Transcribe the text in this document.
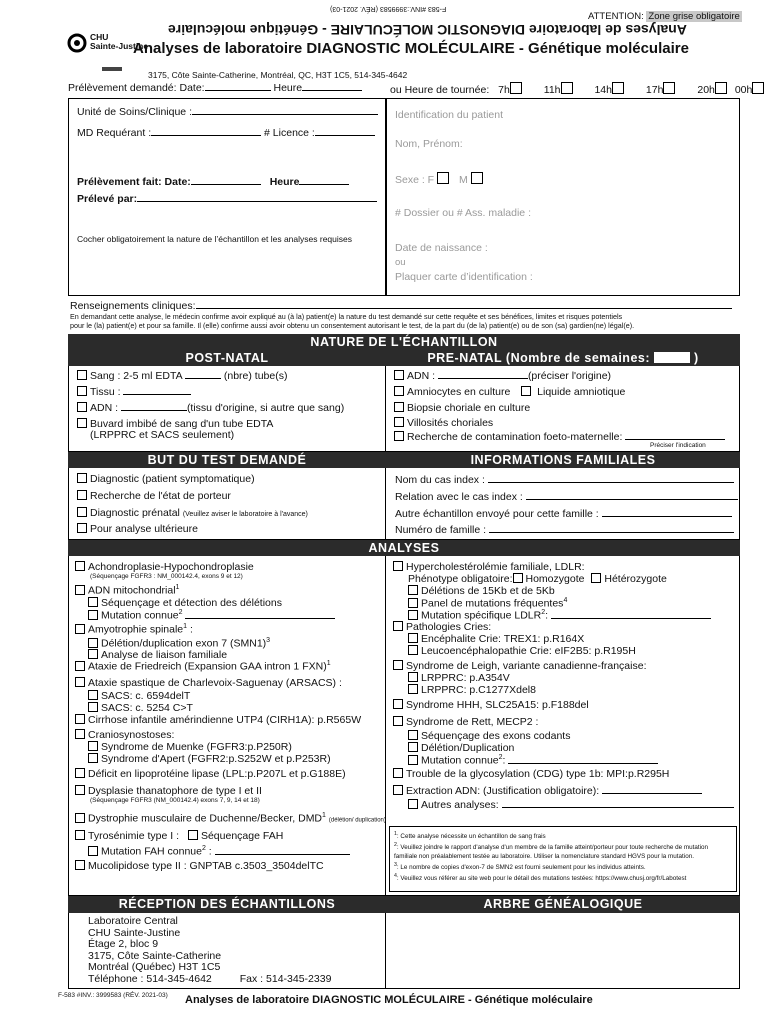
F-583 #INV.:3999583 (RÉV. 2021-03)
ATTENTION: Zone grise obligatoire
Analyses de laboratoire DIAGNOSTIC MOLÉCULAIRE - Génétique moléculaire
Analyses de laboratoire DIAGNOSTIC MOLÉCULAIRE - Génétique moléculaire
CHU
Sainte-Justine
3175, Côte Sainte-Catherine, Montréal, QC, H3T 1C5, 514-345-4642
Prélèvement demandé: Date:	Heure	ou Heure de tournée: 7h	11h	14h	17h	20h 00h
Unité de Soins/Clinique :
MD Requérant :	# Licence :
Prélèvement fait: Date:	Heure
Prélevé par:
Cocher obligatoirement la nature de l’échantillon et les analyses requises
Identification du patient
Nom, Prénom:
Sexe : F M
# Dossier ou # Ass. maladie :
Date de naissance :
ou
Plaquer carte d’identification :
Renseignements cliniques:
En demandant cette analyse, le médecin confirme avoir expliqué au (à la) patient(e) la nature du test demandé sur cette requête et ses bénéfices, limites et risques potentiels
pour le (la) patient(e) et pour sa famille. Il (elle) confirme aussi avoir obtenu un consentement autorisant le test, de la part du (de la) patient(e) ou de son (sa) gardien(ne) légal(e).
NATURE DE L'ÉCHANTILLON
POST-NATAL	PRE-NATAL (Nombre de semaines:	)
Sang : 2-5 ml EDTA	(nbre) tube(s)
Tissu :
ADN :	(tissu d'origine, si autre que sang)
Buvard imbibé de sang d'un tube EDTA
(LRPPRC et SACS seulement)
ADN :	(préciser l'origine)
Amniocytes en culture	Liquide amniotique
Biopsie choriale en culture
Villosités choriales
Recherche de contamination foeto-maternelle:
Préciser l'indication
BUT DU TEST DEMANDÉ	INFORMATIONS FAMILIALES
Diagnostic (patient symptomatique)
Recherche de l'état de porteur
Diagnostic prénatal (Veuillez aviser le laboratoire à l'avance)
Pour analyse ultérieure
Nom du cas index :
Relation avec le cas index :
Autre échantillon envoyé pour cette famille :
Numéro de famille :
ANALYSES
Achondroplasie-Hypochondroplasie
(Séquençage FGFR3 : NM_000142.4, exons 9 et 12)
ADN mitochondrial$^1$
Séquençage et détection des délétions
Mutation connue$^2$
Amyotrophie spinale$^1$ :
Délétion/duplication exon 7 $(SMN1)^3$
Analyse de liaison familiale
Ataxie de Friedreich (Expansion GAA intron 1 FXN)$^1$
Ataxie spastique de Charlevoix-Saguenay (ARSACS) :
SACS: c. 6594delT
SACS: c. 5254 C>T
Cirrhose infantile amérindienne UTP4 (CIRH1A): p.R565W
Craniosynostoses:
Syndrome de Muenke (FGFR3:p.P250R)
Syndrome d'Apert (FGFR2:p.S252W et p.P253R)
Déficit en lipoprotéine lipase (LPL:p.P207L et p.G188E)
Dysplasie thanatophore de type I et II
(Séquençage FGFR3 (NM_000142.4) exons 7, 9, 14 et 18)
Dystrophie musculaire de Duchenne/Becker, DMD$^1$ (délétion/ duplication)
Tyrosénimie type I : Séquençage FAH
Mutation FAH connue$^2$ :
Mucolipidose type II : GNPTAB c.3503_3504delTC
Hypercholestérolémie familiale, LDLR:
Phénotype obligatoire: Homozygote Hétérozygote
Délétions de 15Kb et de 5Kb
Panel de mutations fréquentes$^4$
Mutation spécifique LDLR$^2$:
Pathologies Cries:
Encéphalite Crie: TREX1: p.R164X
Leucoencéphalopathie Crie: eIF2B5: p.R195H
Syndrome de Leigh, variante canadienne-française:
LRPPRC: p.A354V
LRPPRC: p.C1277Xdel8
Syndrome HHH, SLC25A15: p.F188del
Syndrome de Rett, MECP2 :
Séquençage des exons codants
Délétion/Duplication
Mutation connue$^2$:
Trouble de la glycosylation (CDG) type 1b: MPI:p.R295H
Extraction ADN: (Justification obligatoire):
Autres analyses:
$^1$: Cette analyse nécessite un échantillon de sang frais
$^2$: Veuillez joindre le rapport d'analyse d'un membre de la famille atteint/porteur pour toute recherche de mutation familiale non préalablement testée au laboratoire. Utiliser la nomenclature standard HGVS pour la mutation.
$^3$: Le nombre de copies d'exon-7 de SMN2 est fourni seulement pour les individus atteints.
$^4$: Veuillez vous référer au site web pour le détail des mutations testées: https://www.chusj.org/fr/Labotest
RÉCEPTION DES ÉCHANTILLONS	ARBRE GÉNÉALOGIQUE
Laboratoire Central
CHU Sainte-Justine
Étage 2, bloc 9
3175, Côte Sainte-Catherine
Montréal (Québec) H3T 1C5
Téléphone : 514-345-4642	Fax : 514-345-2339
F-583 #INV.: 3999583 (RÉV. 2021-03) Analyses de laboratoire DIAGNOSTIC MOLÉCULAIRE - Génétique moléculaire
